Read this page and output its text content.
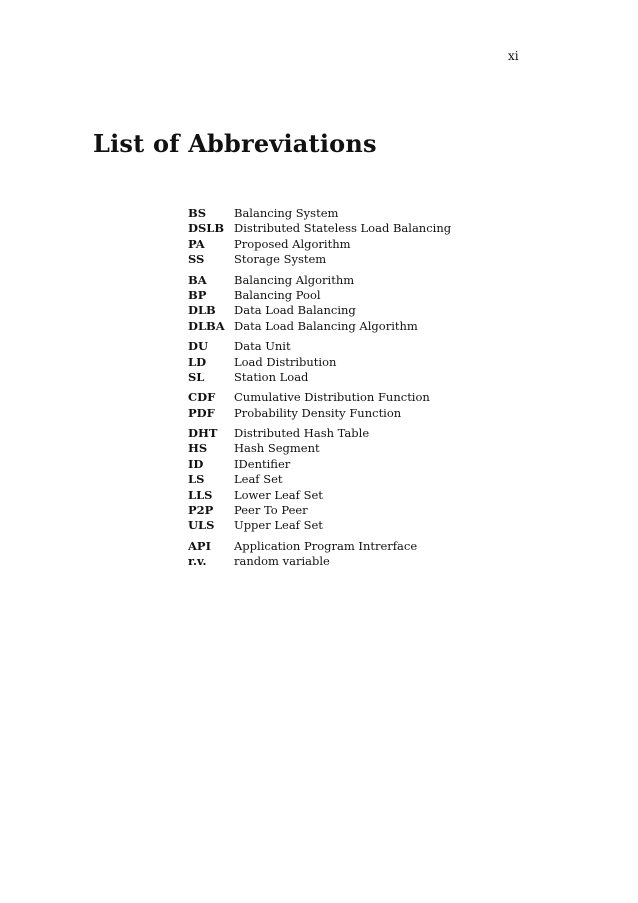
xi
List of Abbreviations
BS	Balancing System
DSLB Distributed Stateless Load Balancing
PA	Proposed Algorithm
SS	Storage System
BA	Balancing Algorithm
BP	Balancing Pool
DLB	Data Load Balancing
DLBA Data Load Balancing Algorithm
DU	Data Unit
LD	Load Distribution
SL	Station Load
CDF	Cumulative Distribution Function
PDF	Probability Density Function
DHT	Distributed Hash Table
HS	Hash Segment
ID	IDentifier
LS	Leaf Set
LLS	Lower Leaf Set
P2P	Peer To Peer
ULS	Upper Leaf Set
API	Application Program Intrerface
r.v.	random variable
